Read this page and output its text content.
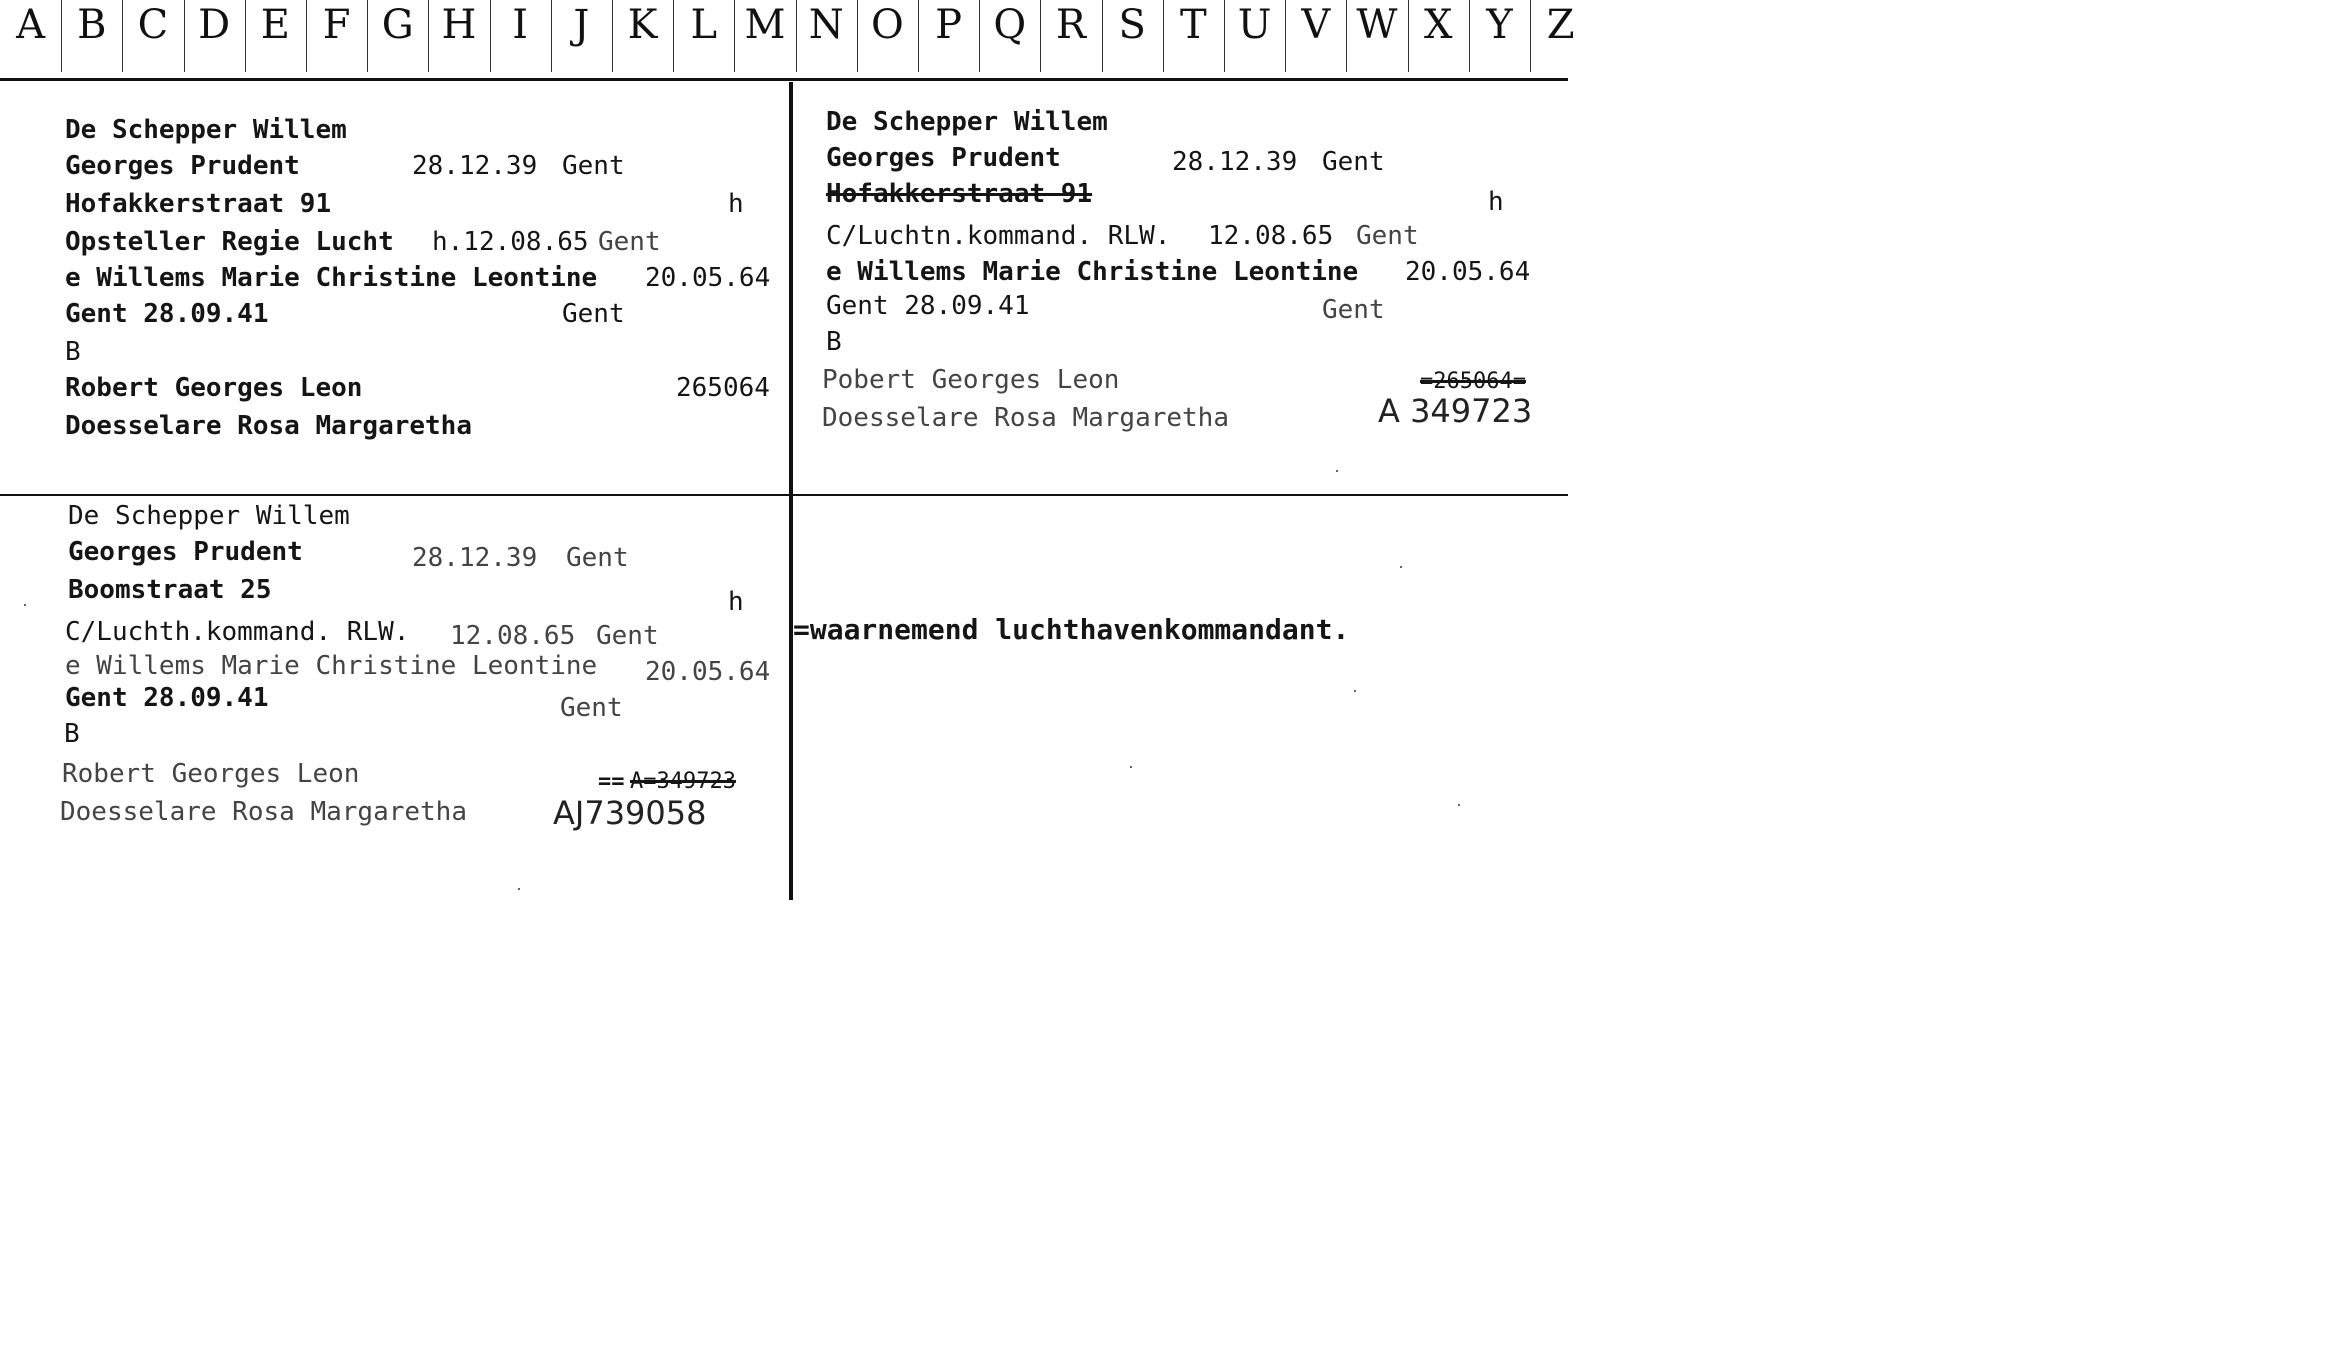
A B C D E F G H I	J K L M N O P Q R S T U V W X Y Z
De Schepper Willem
Georges Prudent	28.12.39 Gent
Hofakkerstraat 91	h
Opsteller Regie Lucht h.12.08.65 Gent
e Willems Marie Christine Leontine 20.05.64
Gent 28.09.41	Gent
B
Robert Georges Leon	265064
Doesselare Rosa Margaretha
De Schepper Willem
Georges Prudent	28.12.39 Gent
Hofakkerstraat 91	h
C/Luchtn.kommand. RLW. 12.08.65 Gent
e Willems Marie Christine Leontine 20.05.64
Gent 28.09.41	Gent
B
Pobert Georges Leon	=265064=
Doesselare Rosa Margaretha	A 349723
De Schepper Willem
Georges Prudent	28.12.39 Gent
Boomstraat 25	h
C/Luchth.kommand. RLW. 12.08.65 Gent
e Willems Marie Christine Leontine 20.05.64
Gent 28.09.41	Gent
B
Robert Georges Leon	== A=349723
Doesselare Rosa Margaretha	AJ739058
=waarnemend luchthavenkommandant.
